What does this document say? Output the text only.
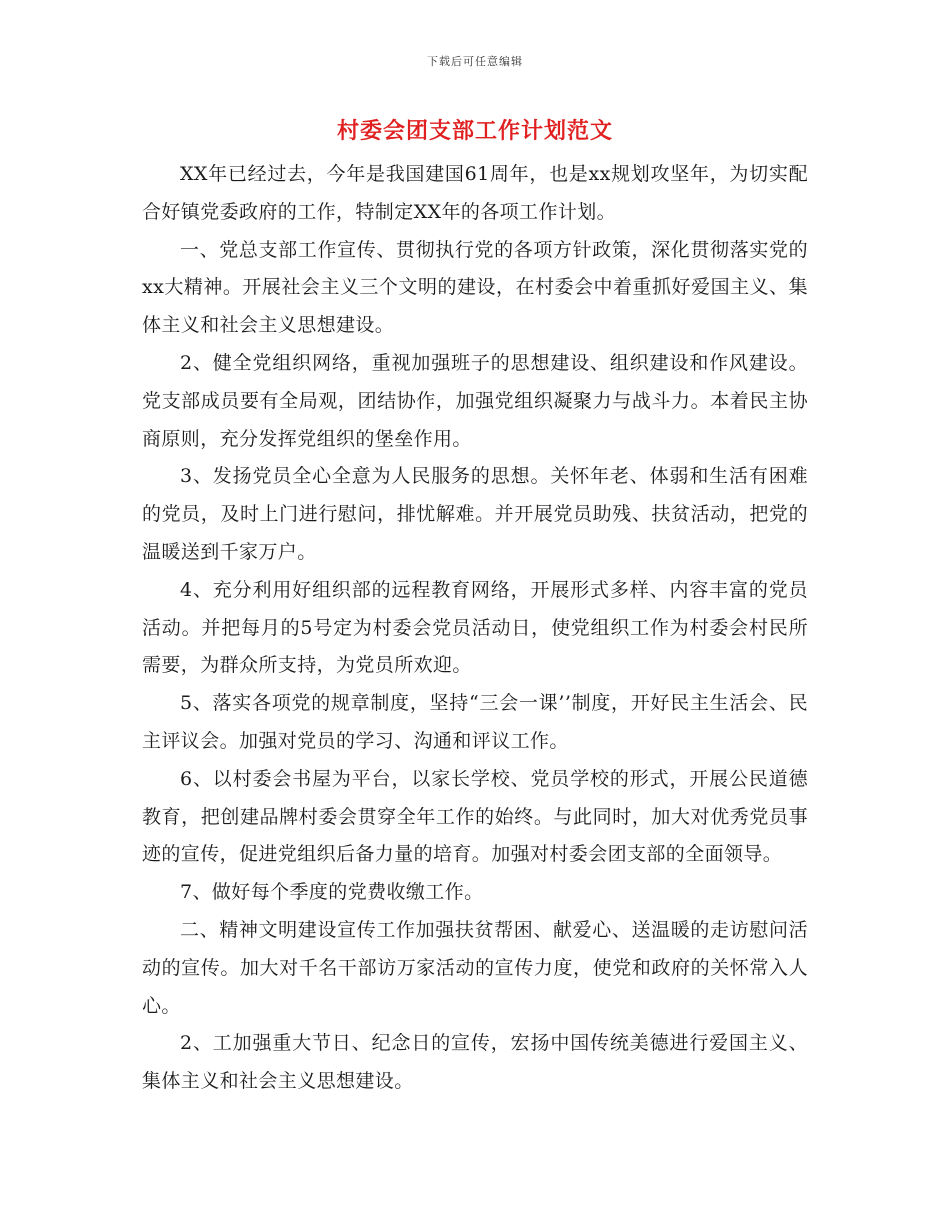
下载后可任意编辑
村委会团支部工作计划范文

XX年已经过去，今年是我国建国61周年，也是xx规划攻坚年，为切实配合好镇党委政府的工作，特制定XX年的各项工作计划。

一、党总支部工作宣传、贯彻执行党的各项方针政策，深化贯彻落实党的xx大精神。开展社会主义三个文明的建设，在村委会中着重抓好爱国主义、集体主义和社会主义思想建设。

2、健全党组织网络，重视加强班子的思想建设、组织建设和作风建设。党支部成员要有全局观，团结协作，加强党组织凝聚力与战斗力。本着民主协商原则，充分发挥党组织的堡垒作用。

3、发扬党员全心全意为人民服务的思想。关怀年老、体弱和生活有困难的党员，及时上门进行慰问，排忧解难。并开展党员助残、扶贫活动，把党的温暖送到千家万户。

4、充分利用好组织部的远程教育网络，开展形式多样、内容丰富的党员活动。并把每月的5号定为村委会党员活动日，使党组织工作为村委会村民所需要，为群众所支持，为党员所欢迎。

5、落实各项党的规章制度，坚持“三会一课’’制度，开好民主生活会、民主评议会。加强对党员的学习、沟通和评议工作。

6、以村委会书屋为平台，以家长学校、党员学校的形式，开展公民道德教育，把创建品牌村委会贯穿全年工作的始终。与此同时，加大对优秀党员事迹的宣传，促进党组织后备力量的培育。加强对村委会团支部的全面领导。

7、做好每个季度的党费收缴工作。

二、精神文明建设宣传工作加强扶贫帮困、献爱心、送温暖的走访慰问活动的宣传。加大对千名干部访万家活动的宣传力度，使党和政府的关怀常入人心。

2、工加强重大节日、纪念日的宣传，宏扬中国传统美德进行爱国主义、集体主义和社会主义思想建设。
